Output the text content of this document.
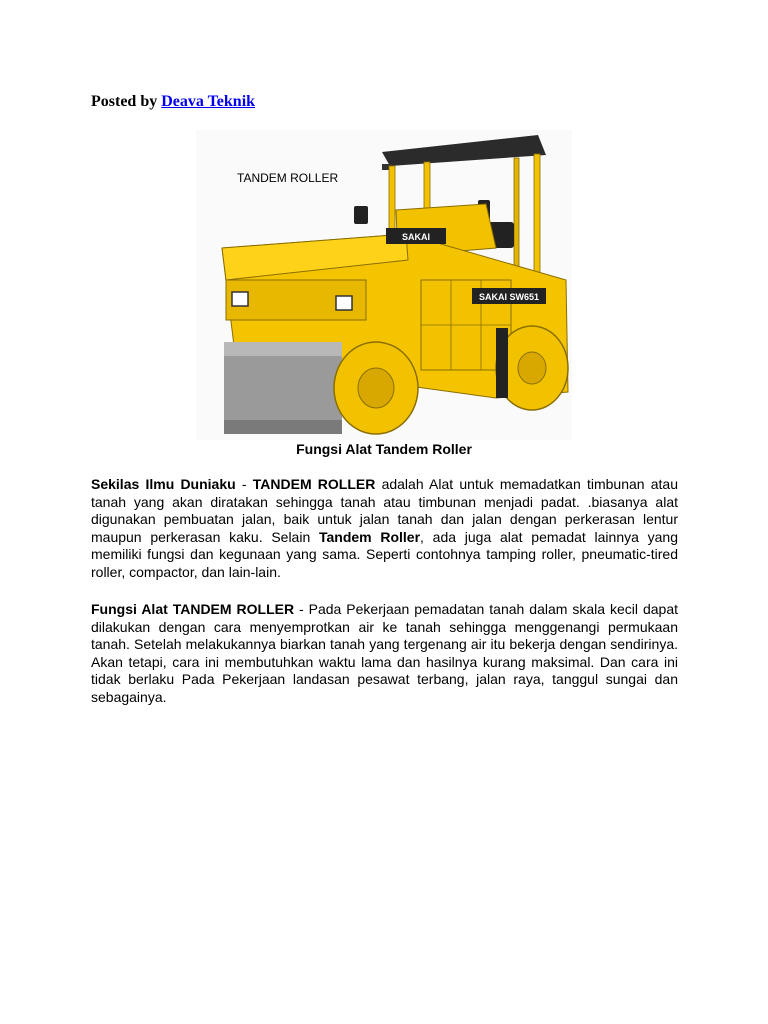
Posted by Deava Teknik
SAKAI
SAKAI SW651
TANDEM ROLLER
Fungsi Alat Tandem Roller

Sekilas Ilmu Duniaku - TANDEM ROLLER adalah Alat untuk memadatkan timbunan atau tanah yang akan diratakan sehingga tanah atau timbunan menjadi padat. .biasanya alat digunakan pembuatan jalan, baik untuk jalan tanah dan jalan dengan perkerasan lentur maupun perkerasan kaku. Selain Tandem Roller, ada juga alat pemadat lainnya yang memiliki fungsi dan kegunaan yang sama. Seperti contohnya tamping roller, pneumatic-tired roller, compactor, dan lain-lain.

Fungsi Alat TANDEM ROLLER - Pada Pekerjaan pemadatan tanah dalam skala kecil dapat dilakukan dengan cara menyemprotkan air ke tanah sehingga menggenangi permukaan tanah. Setelah melakukannya biarkan tanah yang tergenang air itu bekerja dengan sendirinya. Akan tetapi, cara ini membutuhkan waktu lama dan hasilnya kurang maksimal. Dan cara ini tidak berlaku Pada Pekerjaan landasan pesawat terbang, jalan raya, tanggul sungai dan sebagainya.
